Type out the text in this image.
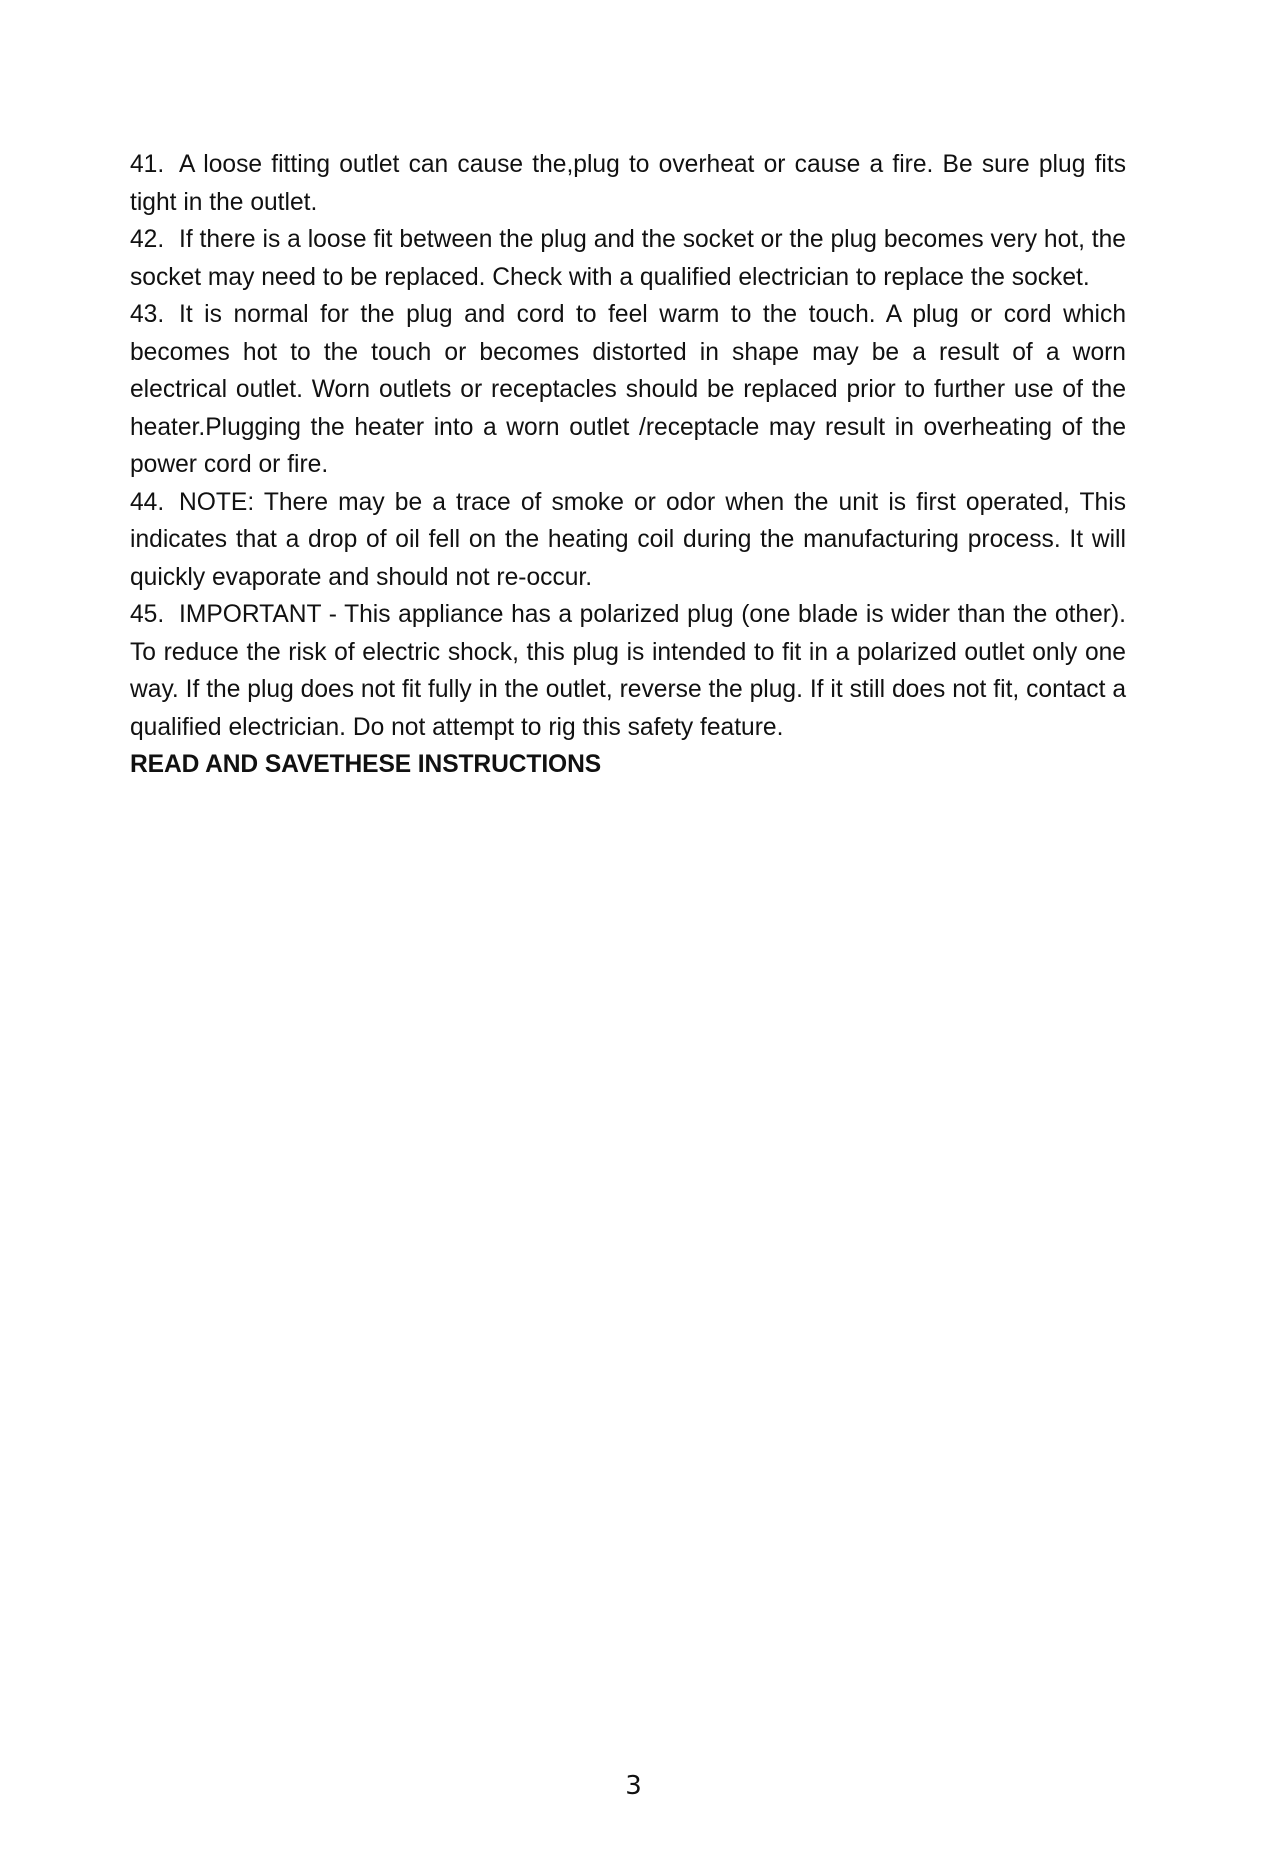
41. A loose fitting outlet can cause the,plug to overheat or cause a fire. Be sure plug fits tight in the outlet.

42. If there is a loose fit between the plug and the socket or the plug becomes very hot, the socket may need to be replaced. Check with a qualified electrician to replace the socket.

43. It is normal for the plug and cord to feel warm to the touch. A plug or cord which becomes hot to the touch or becomes distorted in shape may be a result of a worn electrical outlet. Worn outlets or receptacles should be replaced prior to further use of the heater.Plugging the heater into a worn outlet /receptacle may result in overheating of the power cord or fire.

44. NOTE: There may be a trace of smoke or odor when the unit is first operated, This indicates that a drop of oil fell on the heating coil during the manufacturing process. It will quickly evaporate and should not re-occur.

45. IMPORTANT - This appliance has a polarized plug (one blade is wider than the other). To reduce the risk of electric shock, this plug is intended to fit in a polarized outlet only one way. If the plug does not fit fully in the outlet, reverse the plug. If it still does not fit, contact a qualified electrician. Do not attempt to rig this safety feature.

READ AND SAVETHESE INSTRUCTIONS

3
